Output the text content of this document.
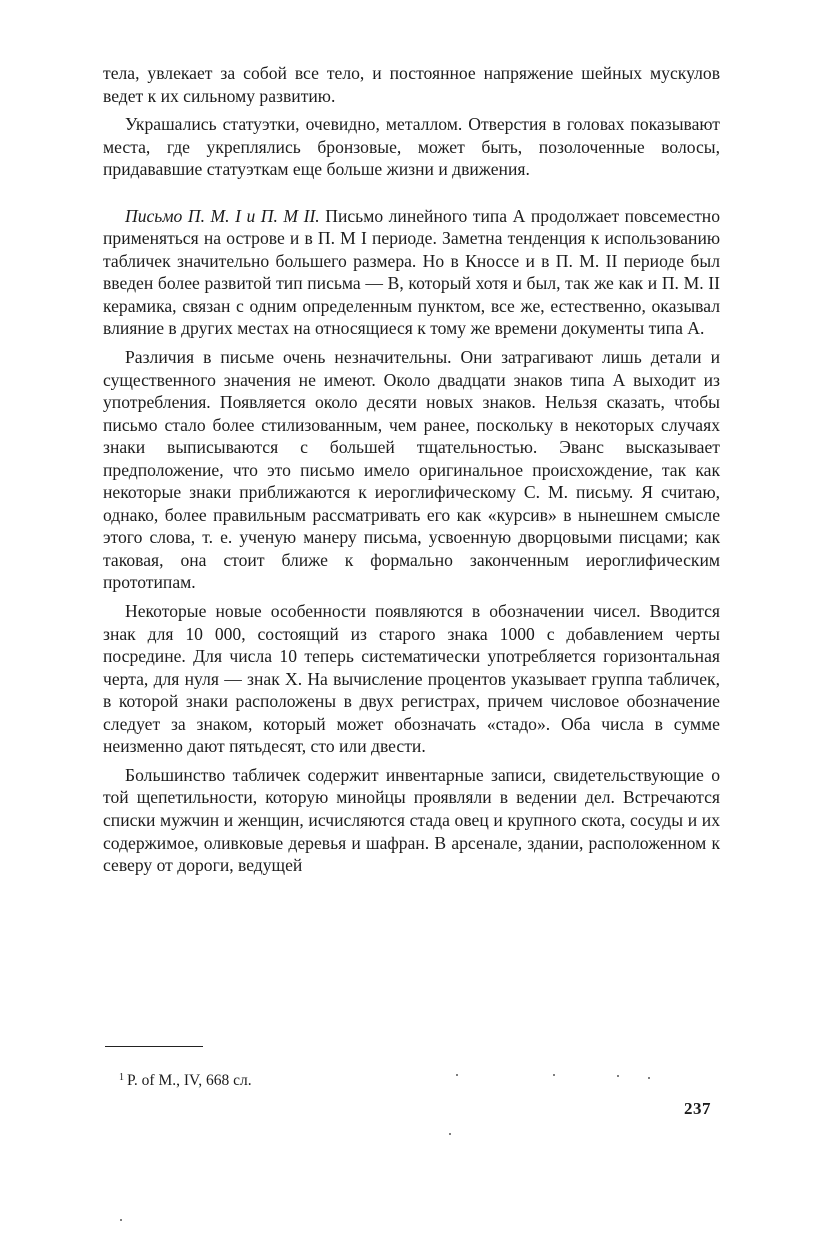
тела, увлекает за собой все тело, и постоянное напряжение шейных мускулов ведет к их сильному развитию.

Украшались статуэтки, очевидно, металлом. Отверстия в головах показывают места, где укреплялись бронзовые, может быть, позолоченные волосы, придававшие статуэткам еще больше жизни и движения.

Письмо П. М. I и П. М II. Письмо линейного типа А продолжает повсеместно применяться на острове и в П. М I периоде. Заметна тенденция к использованию табличек значительно большего размера. Но в Кноссе и в П. М. II периоде был введен более развитой тип письма — В, который хотя и был, так же как и П. М. II керамика, связан с одним определенным пунктом, все же, естественно, оказывал влияние в других местах на относящиеся к тому же времени документы типа А.

Различия в письме очень незначительны. Они затрагивают лишь детали и существенного значения не имеют. Около двадцати знаков типа А выходит из употребления. Появляется около десяти новых знаков. Нельзя сказать, чтобы письмо стало более стилизованным, чем ранее, поскольку в некоторых случаях знаки выписываются с большей тщательностью. Эванс высказывает предположение, что это письмо имело оригинальное происхождение, так как некоторые знаки приближаются к иероглифическому С. М. письму. Я считаю, однако, более правильным рассматривать его как «курсив» в нынешнем смысле этого слова, т. е. ученую манеру письма, усвоенную дворцовыми писцами; как таковая, она стоит ближе к формально законченным иероглифическим прототипам.

Некоторые новые особенности появляются в обозначении чисел. Вводится знак для 10 000, состоящий из старого знака 1000 с добавлением черты посредине. Для числа 10 теперь систематически употребляется горизонтальная черта, для нуля — знак X. На вычисление процентов указывает группа табличек, в которой знаки расположены в двух регистрах, причем числовое обозначение следует за знаком, который может обозначать «стадо». Оба числа в сумме неизменно дают пятьдесят, сто или двести.

Большинство табличек содержит инвентарные записи, свидетельствующие о той щепетильности, которую минойцы проявляли в ведении дел. Встречаются списки мужчин и женщин, исчисляются стада овец и крупного скота, сосуды и их содержимое, оливковые деревья и шафран. В арсенале, здании, расположенном к северу от дороги, ведущей

$^1$ P. of M., IV, 668 сл.
237
